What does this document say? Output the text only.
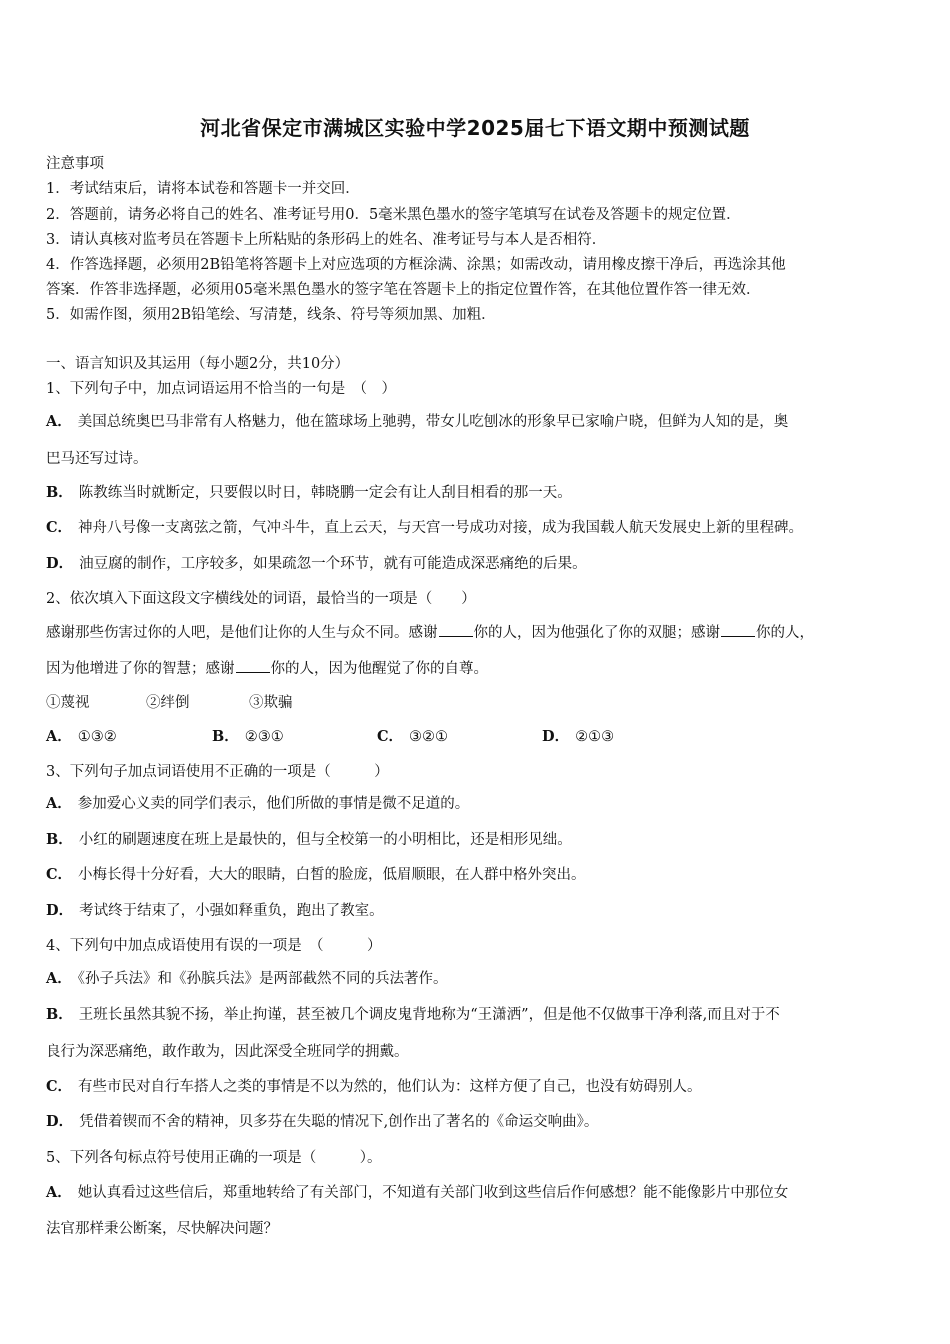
河北省保定市满城区实验中学2025届七下语文期中预测试题
注意事项
1．考试结束后，请将本试卷和答题卡一并交回．
2．答题前，请务必将自己的姓名、准考证号用0．5毫米黑色墨水的签字笔填写在试卷及答题卡的规定位置．
3．请认真核对监考员在答题卡上所粘贴的条形码上的姓名、准考证号与本人是否相符．
4．作答选择题，必须用2B铅笔将答题卡上对应选项的方框涂满、涂黑；如需改动，请用橡皮擦干净后，再选涂其他
答案．作答非选择题，必须用05毫米黑色墨水的签字笔在答题卡上的指定位置作答，在其他位置作答一律无效．
5．如需作图，须用2B铅笔绘、写清楚，线条、符号等须加黑、加粗．
一、语言知识及其运用（每小题2分，共10分）
1、下列句子中，加点词语运用不恰当的一句是　（　）
A． 美国总统奥巴马非常有人格魅力，他在篮球场上驰骋，带女儿吃刨冰的形象早已家喻户晓，但鲜为人知的是，奥
巴马还写过诗。
B． 陈教练当时就断定，只要假以时日，韩晓鹏一定会有让人刮目相看的那一天。
C． 神舟八号像一支离弦之箭，气冲斗牛，直上云天，与天宫一号成功对接，成为我国载人航天发展史上新的里程碑。
D． 油豆腐的制作，工序较多，如果疏忽一个环节，就有可能造成深恶痛绝的后果。
2、依次填入下面这段文字横线处的词语，最恰当的一项是（　　）
感谢那些伤害过你的人吧，是他们让你的人生与众不同。感谢 你的人，因为他强化了你的双腿；感谢 你的人，
因为他增进了你的智慧；感谢 你的人，因为他醒觉了你的自尊。
①蔑视	②绊倒	③欺骗
A． ①③②	B． ②③①	C． ③②①	D． ②①③
3、下列句子加点词语使用不正确的一项是（　　　）
A． 参加爱心义卖的同学们表示，他们所做的事情是微不足道的。
B． 小红的刷题速度在班上是最快的，但与全校第一的小明相比，还是相形见绌。
C． 小梅长得十分好看，大大的眼睛，白皙的脸庞，低眉顺眼，在人群中格外突出。
D． 考试终于结束了，小强如释重负，跑出了教室。
4、下列句中加点成语使用有误的一项是　（　　　）
A． 《孙子兵法》和《孙膑兵法》是两部截然不同的兵法著作。
B． 王班长虽然其貌不扬，举止拘谨，甚至被几个调皮鬼背地称为“王潇洒”，但是他不仅做事干净利落,而且对于不
良行为深恶痛绝，敢作敢为，因此深受全班同学的拥戴。
C． 有些市民对自行车搭人之类的事情是不以为然的，他们认为：这样方便了自己，也没有妨碍别人。
D． 凭借着锲而不舍的精神，贝多芬在失聪的情况下,创作出了著名的《命运交响曲》。
5、下列各句标点符号使用正确的一项是（　　　）。
A． 她认真看过这些信后，郑重地转给了有关部门，不知道有关部门收到这些信后作何感想？能不能像影片中那位女
法官那样秉公断案，尽快解决问题？
